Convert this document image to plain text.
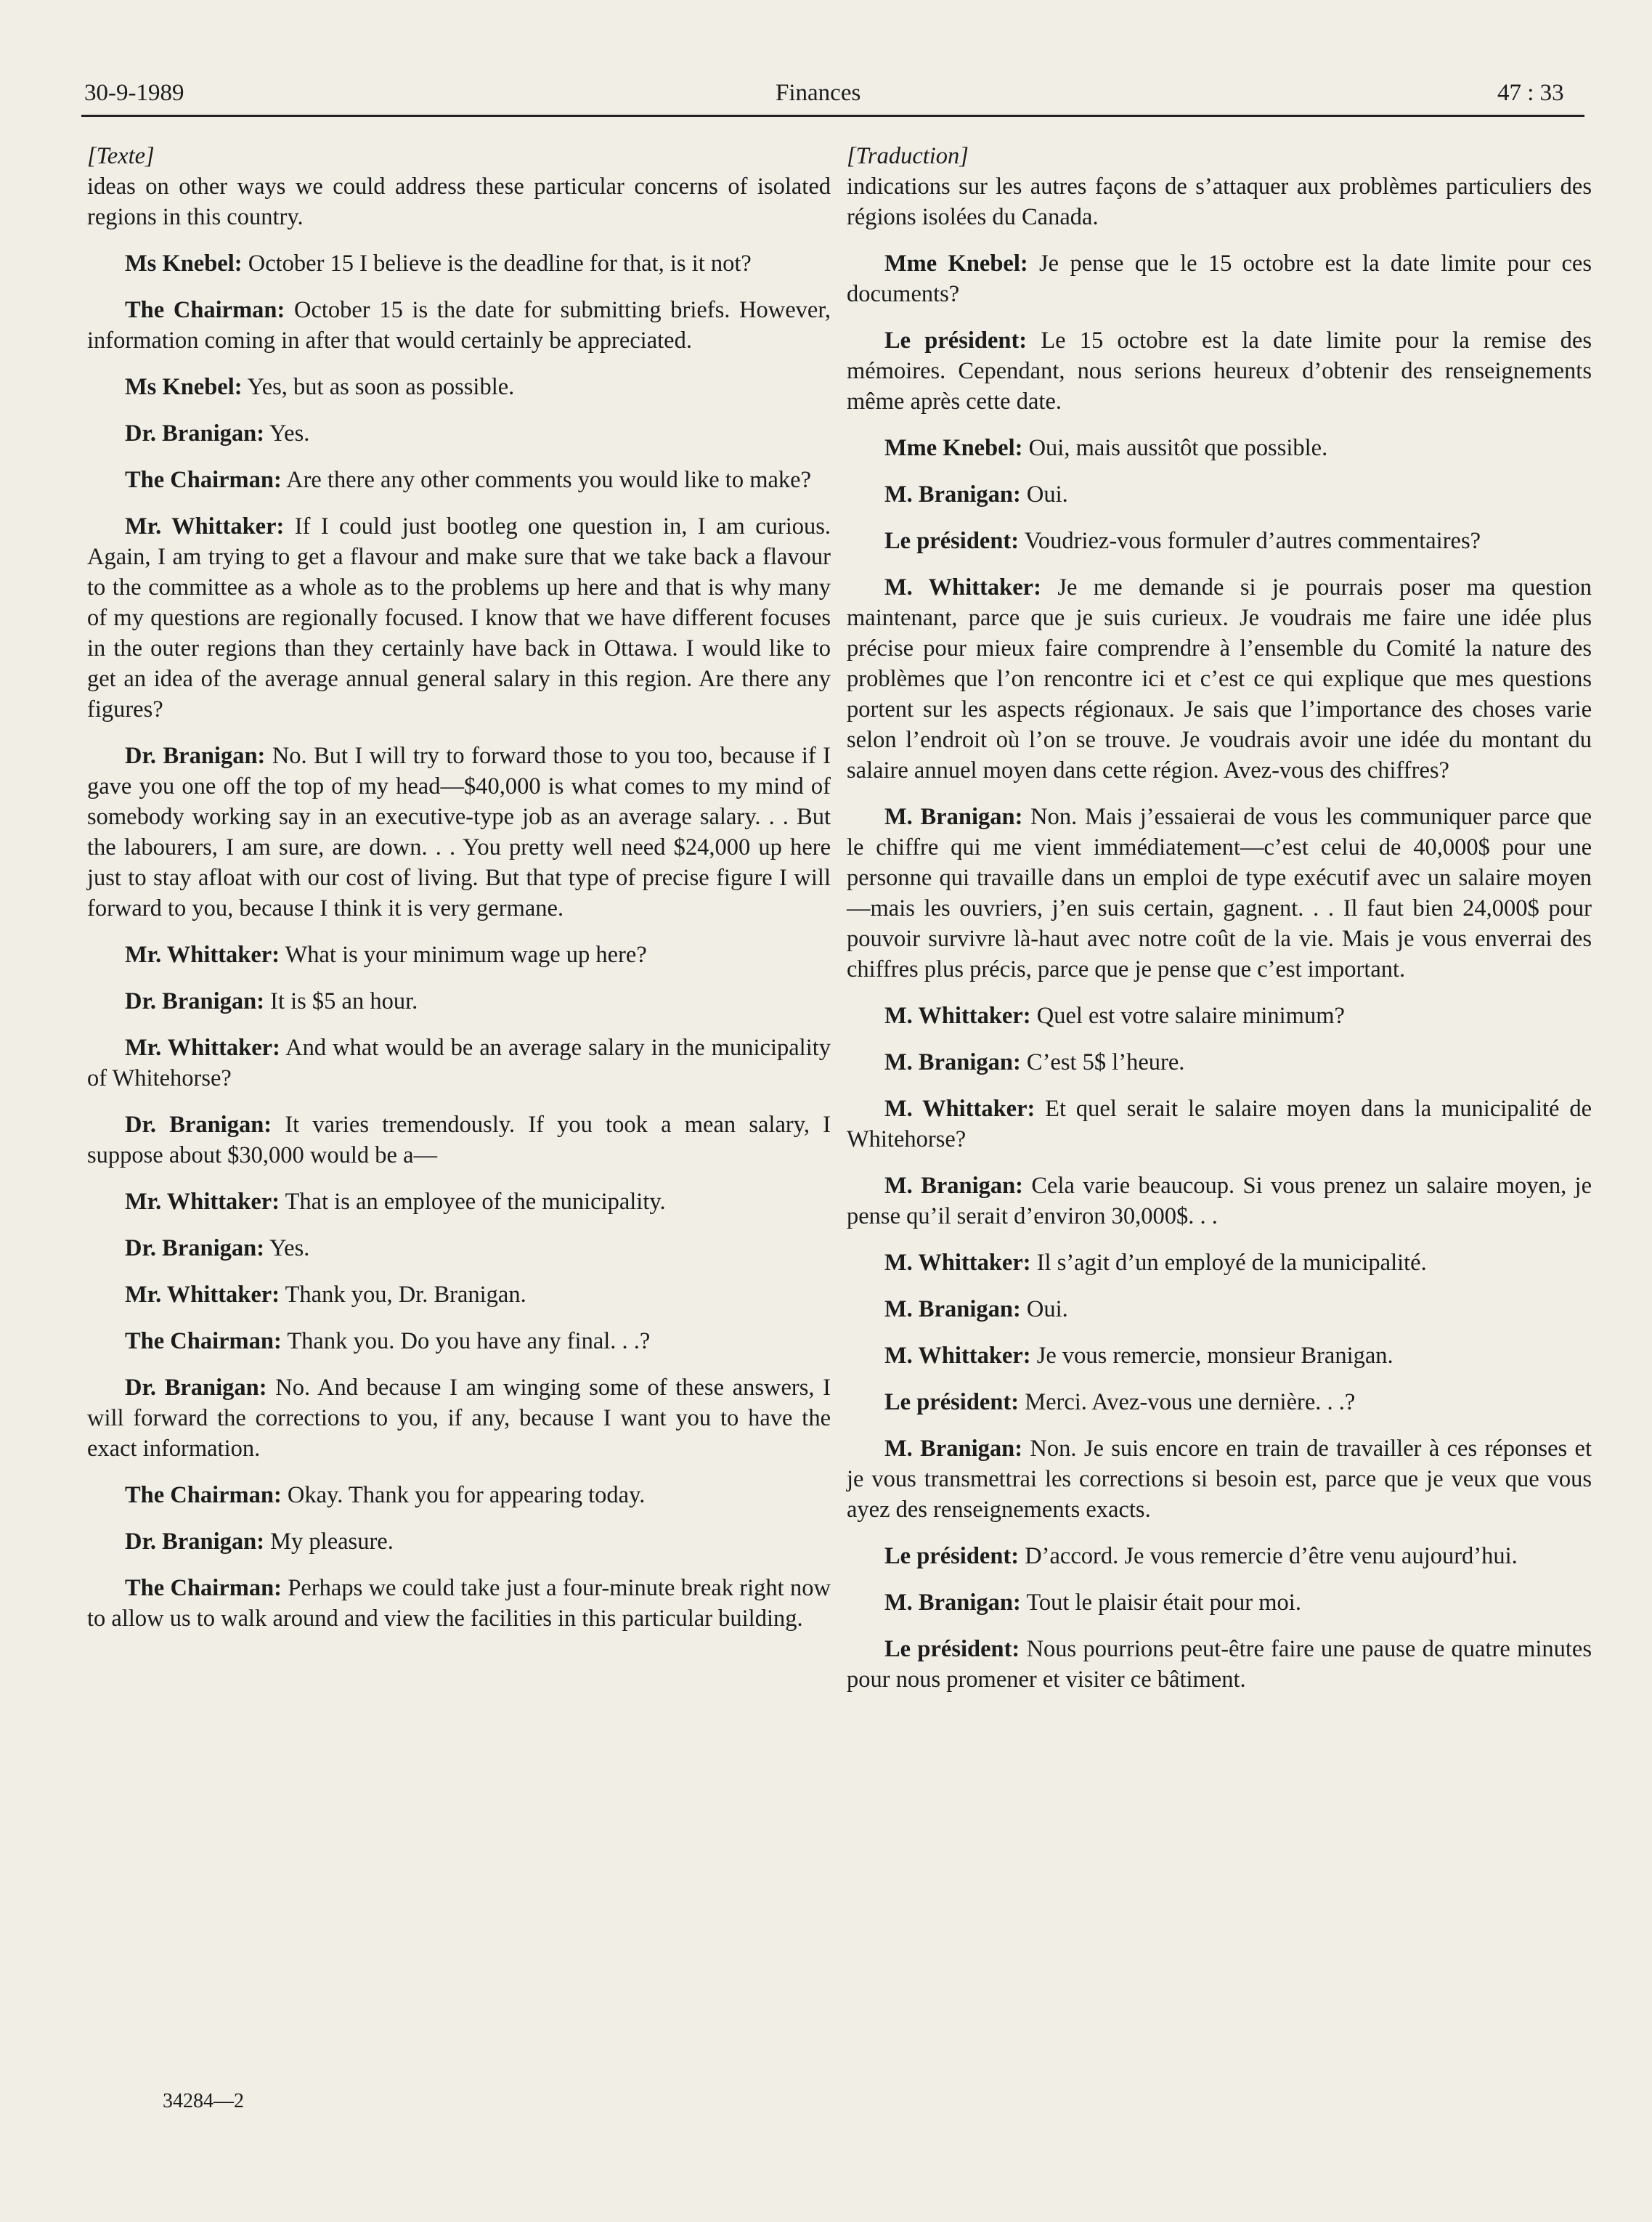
30-9-1989	Finances	47 : 33
[Texte]

ideas on other ways we could address these particular concerns of isolated regions in this country.

Ms Knebel: October 15 I believe is the deadline for that, is it not?

The Chairman: October 15 is the date for submitting briefs. However, information coming in after that would certainly be appreciated.

Ms Knebel: Yes, but as soon as possible.

Dr. Branigan: Yes.

The Chairman: Are there any other comments you would like to make?

Mr. Whittaker: If I could just bootleg one question in, I am curious. Again, I am trying to get a flavour and make sure that we take back a flavour to the committee as a whole as to the problems up here and that is why many of my questions are regionally focused. I know that we have different focuses in the outer regions than they certainly have back in Ottawa. I would like to get an idea of the average annual general salary in this region. Are there any figures?

Dr. Branigan: No. But I will try to forward those to you too, because if I gave you one off the top of my head—$40,000 is what comes to my mind of somebody working say in an executive-type job as an average salary. . . But the labourers, I am sure, are down. . . You pretty well need $24,000 up here just to stay afloat with our cost of living. But that type of precise figure I will forward to you, because I think it is very germane.

Mr. Whittaker: What is your minimum wage up here?

Dr. Branigan: It is $5 an hour.

Mr. Whittaker: And what would be an average salary in the municipality of Whitehorse?

Dr. Branigan: It varies tremendously. If you took a mean salary, I suppose about $30,000 would be a—

Mr. Whittaker: That is an employee of the municipality.

Dr. Branigan: Yes.

Mr. Whittaker: Thank you, Dr. Branigan.

The Chairman: Thank you. Do you have any final. . .?

Dr. Branigan: No. And because I am winging some of these answers, I will forward the corrections to you, if any, because I want you to have the exact information.

The Chairman: Okay. Thank you for appearing today.

Dr. Branigan: My pleasure.

The Chairman: Perhaps we could take just a four-minute break right now to allow us to walk around and view the facilities in this particular building.

[Traduction]

indications sur les autres façons de s’attaquer aux problèmes particuliers des régions isolées du Canada.

Mme Knebel: Je pense que le 15 octobre est la date limite pour ces documents?

Le président: Le 15 octobre est la date limite pour la remise des mémoires. Cependant, nous serions heureux d’obtenir des renseignements même après cette date.

Mme Knebel: Oui, mais aussitôt que possible.

M. Branigan: Oui.

Le président: Voudriez-vous formuler d’autres commentaires?

M. Whittaker: Je me demande si je pourrais poser ma question maintenant, parce que je suis curieux. Je voudrais me faire une idée plus précise pour mieux faire comprendre à l’ensemble du Comité la nature des problèmes que l’on rencontre ici et c’est ce qui explique que mes questions portent sur les aspects régionaux. Je sais que l’importance des choses varie selon l’endroit où l’on se trouve. Je voudrais avoir une idée du montant du salaire annuel moyen dans cette région. Avez-vous des chiffres?

M. Branigan: Non. Mais j’essaierai de vous les communiquer parce que le chiffre qui me vient immédiatement—c’est celui de 40,000$ pour une personne qui travaille dans un emploi de type exécutif avec un salaire moyen—mais les ouvriers, j’en suis certain, gagnent. . . Il faut bien 24,000$ pour pouvoir survivre là-haut avec notre coût de la vie. Mais je vous enverrai des chiffres plus précis, parce que je pense que c’est important.

M. Whittaker: Quel est votre salaire minimum?

M. Branigan: C’est 5$ l’heure.

M. Whittaker: Et quel serait le salaire moyen dans la municipalité de Whitehorse?

M. Branigan: Cela varie beaucoup. Si vous prenez un salaire moyen, je pense qu’il serait d’environ 30,000$. . .

M. Whittaker: Il s’agit d’un employé de la municipalité.

M. Branigan: Oui.

M. Whittaker: Je vous remercie, monsieur Branigan.

Le président: Merci. Avez-vous une dernière. . .?

M. Branigan: Non. Je suis encore en train de travailler à ces réponses et je vous transmettrai les corrections si besoin est, parce que je veux que vous ayez des renseignements exacts.

Le président: D’accord. Je vous remercie d’être venu aujourd’hui.

M. Branigan: Tout le plaisir était pour moi.

Le président: Nous pourrions peut-être faire une pause de quatre minutes pour nous promener et visiter ce bâtiment.

34284—2
